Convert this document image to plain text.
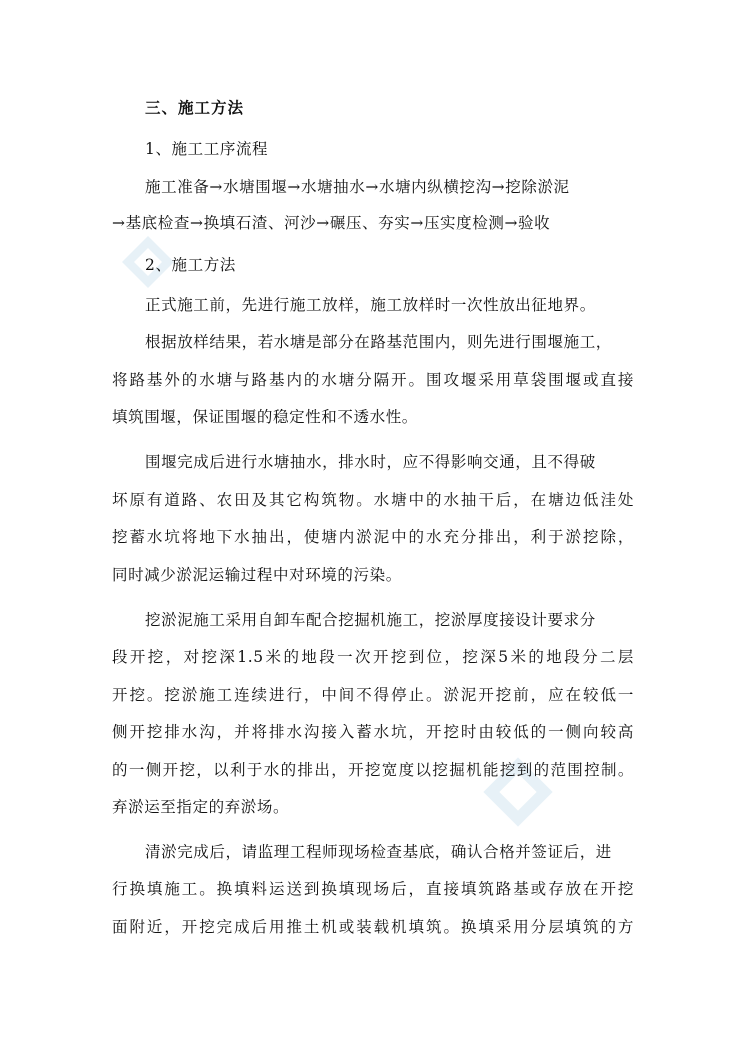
三、施工方法
1、施工工序流程
施工准备→水塘围堰→水塘抽水→水塘内纵横挖沟→挖除淤泥
→基底检查→换填石渣、河沙→碾压、夯实→压实度检测→验收
2、施工方法
正式施工前，先进行施工放样，施工放样时一次性放出征地界。
根据放样结果，若水塘是部分在路基范围内，则先进行围堰施工，
将路基外的水塘与路基内的水塘分隔开。围攻堰采用草袋围堰或直接
填筑围堰，保证围堰的稳定性和不透水性。
围堰完成后进行水塘抽水，排水时，应不得影响交通，且不得破
坏原有道路、农田及其它构筑物。水塘中的水抽干后，在塘边低洼处
挖蓄水坑将地下水抽出，使塘内淤泥中的水充分排出，利于淤挖除，
同时减少淤泥运输过程中对环境的污染。
挖淤泥施工采用自卸车配合挖掘机施工，挖淤厚度接设计要求分
段开挖，对挖深1.5米的地段一次开挖到位，挖深5米的地段分二层
开挖。挖淤施工连续进行，中间不得停止。淤泥开挖前，应在较低一
侧开挖排水沟，并将排水沟接入蓄水坑，开挖时由较低的一侧向较高
的一侧开挖，以利于水的排出，开挖宽度以挖掘机能挖到的范围控制。
弃淤运至指定的弃淤场。
清淤完成后，请监理工程师现场检查基底，确认合格并签证后，进
行换填施工。换填料运送到换填现场后，直接填筑路基或存放在开挖
面附近，开挖完成后用推土机或装载机填筑。换填采用分层填筑的方
